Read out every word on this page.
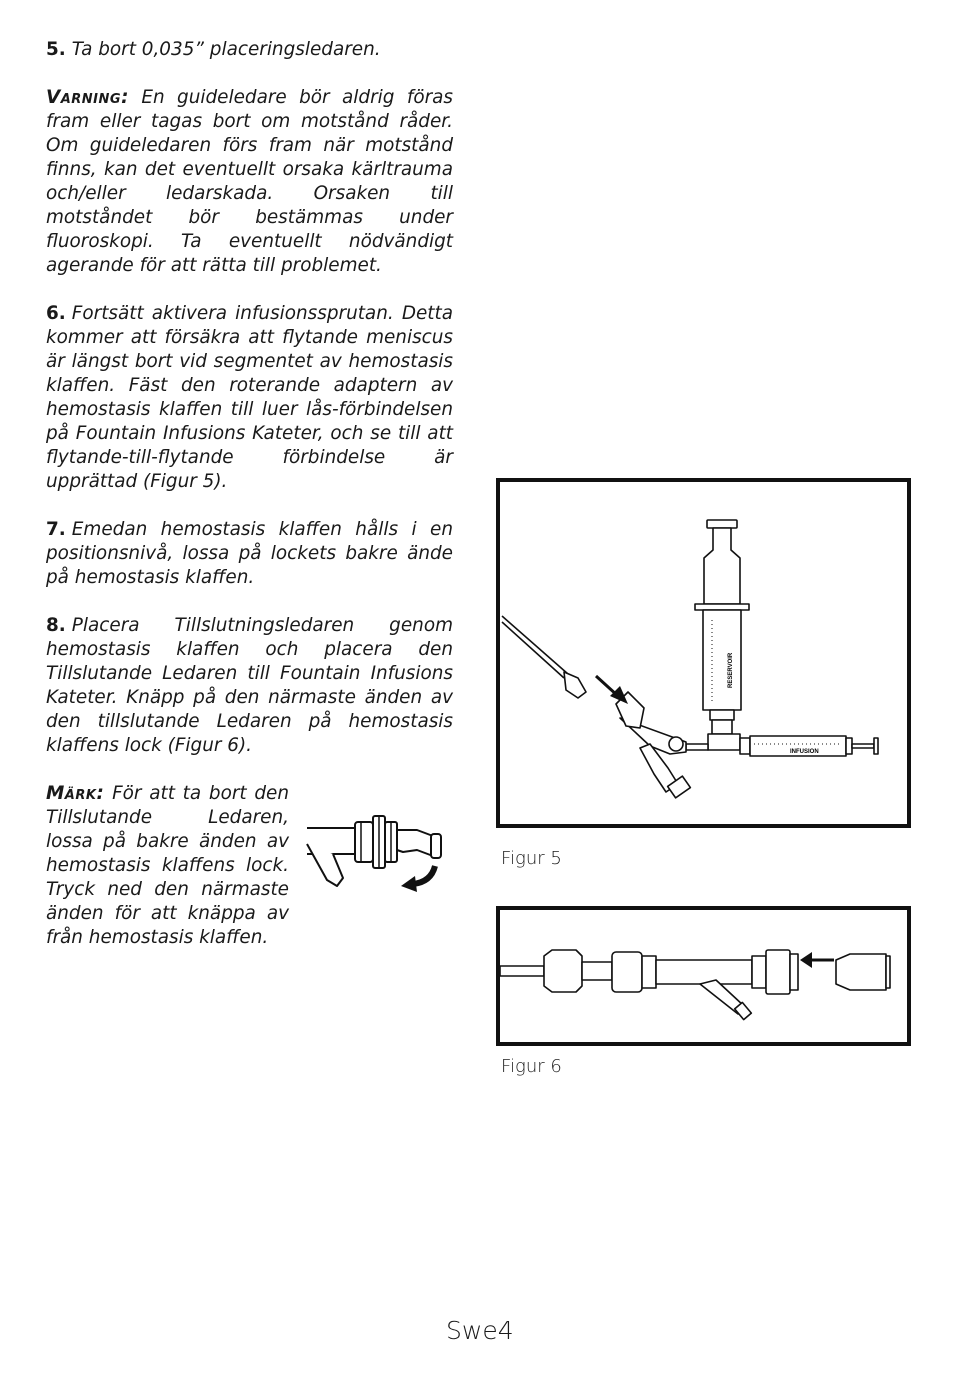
5. Ta bort 0,035” placeringsledaren.

Varning: En guideledare bör aldrig föras fram eller tagas bort om motstånd råder. Om guideledaren förs fram när motstånd finns, kan det eventuellt orsaka kärltrauma och/eller ledarskada. Orsaken till motståndet bör bestämmas under fluoroskopi. Ta eventuellt nödvändigt agerande för att rätta till problemet.

6. Fortsätt aktivera infusionssprutan. Detta kommer att försäkra att flytande meniscus är längst bort vid segmentet av hemostasis klaffen. Fäst den roterande adaptern av hemostasis klaffen till luer lås-förbindelsen på Fountain Infusions Kateter, och se till att flytande-till-flytande förbindelse är upprättad (Figur 5).

7. Emedan hemostasis klaffen hålls i en positionsnivå, lossa på lockets bakre ände på hemostasis klaffen.

8. Placera Tillslutningsledaren genom hemostasis klaffen och placera den Tillslutande Ledaren till Fountain Infusions Kateter. Knäpp på den närmaste änden av den tillslutande Ledaren på hemostasis klaffens lock (Figur 6).

Märk: För att ta bort den Tillslutande Ledaren, lossa på bakre änden av hemostasis klaffens lock. Tryck ned den närmaste änden för att knäppa av från hemostasis klaffen.

INFUSION
RESERVOIR
Figur 5
Figur 6
Swe4
